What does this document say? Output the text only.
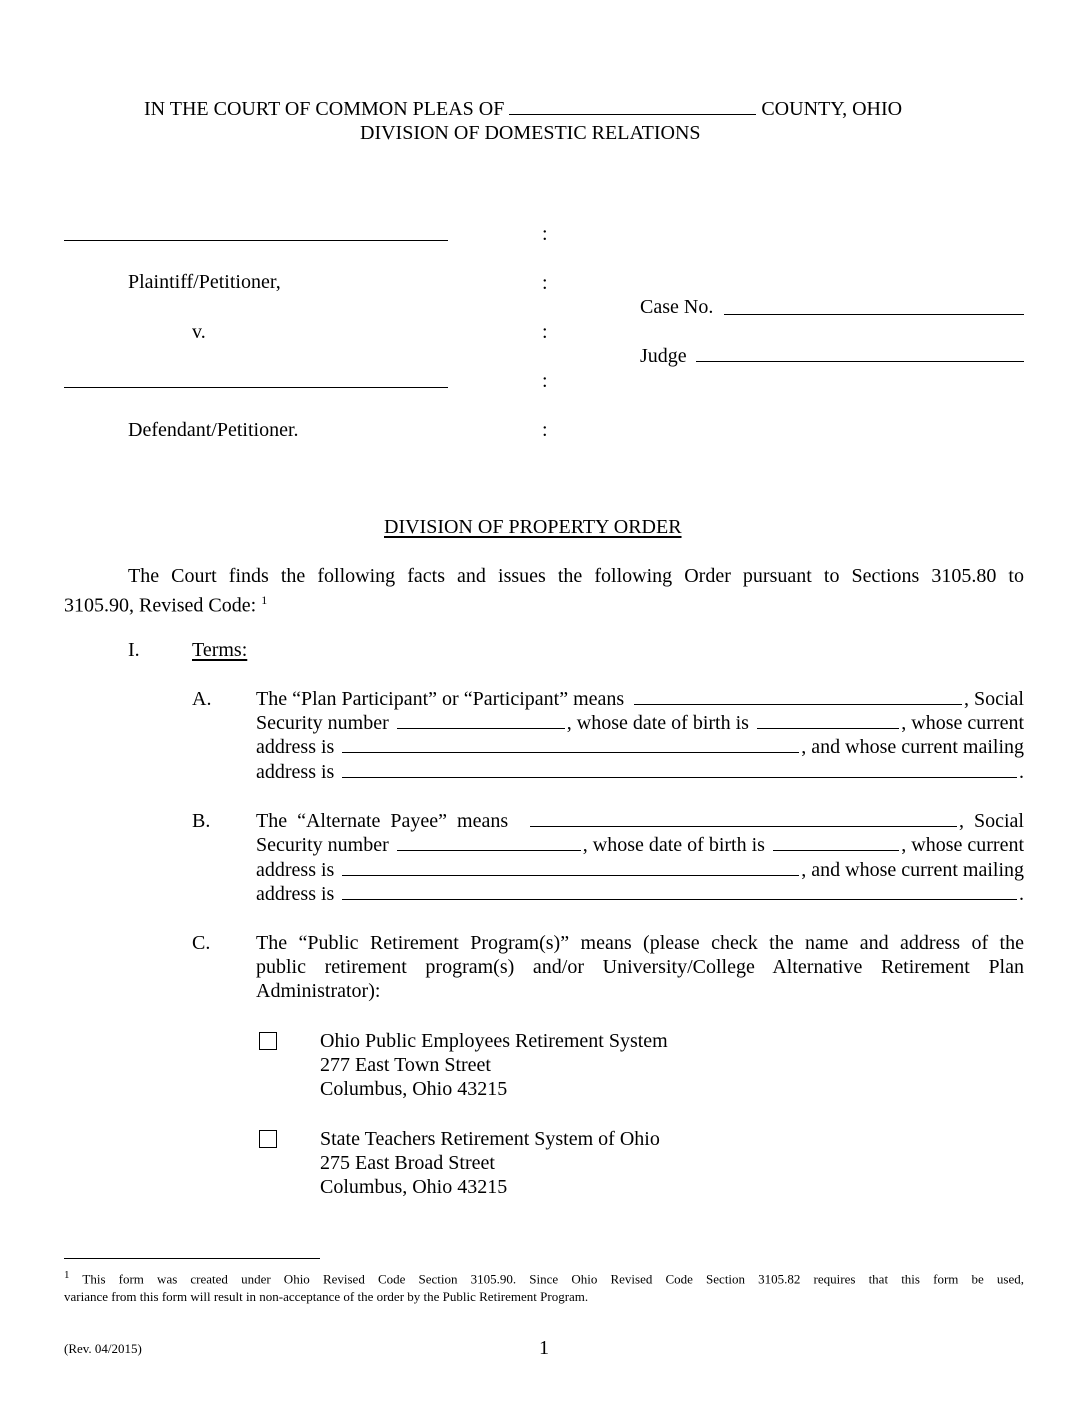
IN THE COURT OF COMMON PLEAS OF	COUNTY, OHIO
DIVISION OF DOMESTIC RELATIONS
:
Plaintiff/Petitioner,	:
Case No.
v.	:
Judge
:
Defendant/Petitioner.	:
DIVISION OF PROPERTY ORDER
The Court finds the following facts and issues the following Order pursuant to Sections 3105.80 to
3105.90, Revised Code: $^1$
I.	Terms:
A. The “Plan Participant” or “Participant” means	, Social
Security number	, whose date of birth is	, whose current
address is	, and whose current mailing
address is	.
B. The  “Alternate  Payee”  means	,  Social
Security number	, whose date of birth is	, whose current
address is	, and whose current mailing
address is	.
C. The “Public Retirement Program(s)” means (please check the name and address of the
public retirement program(s) and/or University/College Alternative Retirement Plan
Administrator):
Ohio Public Employees Retirement System
277 East Town Street
Columbus, Ohio 43215
State Teachers Retirement System of Ohio
275 East Broad Street
Columbus, Ohio 43215
$^1$ This form was created under Ohio Revised Code Section 3105.90. Since Ohio Revised Code Section 3105.82 requires that this form be used,
variance from this form will result in non-acceptance of the order by the Public Retirement Program.
(Rev. 04/2015)	1
